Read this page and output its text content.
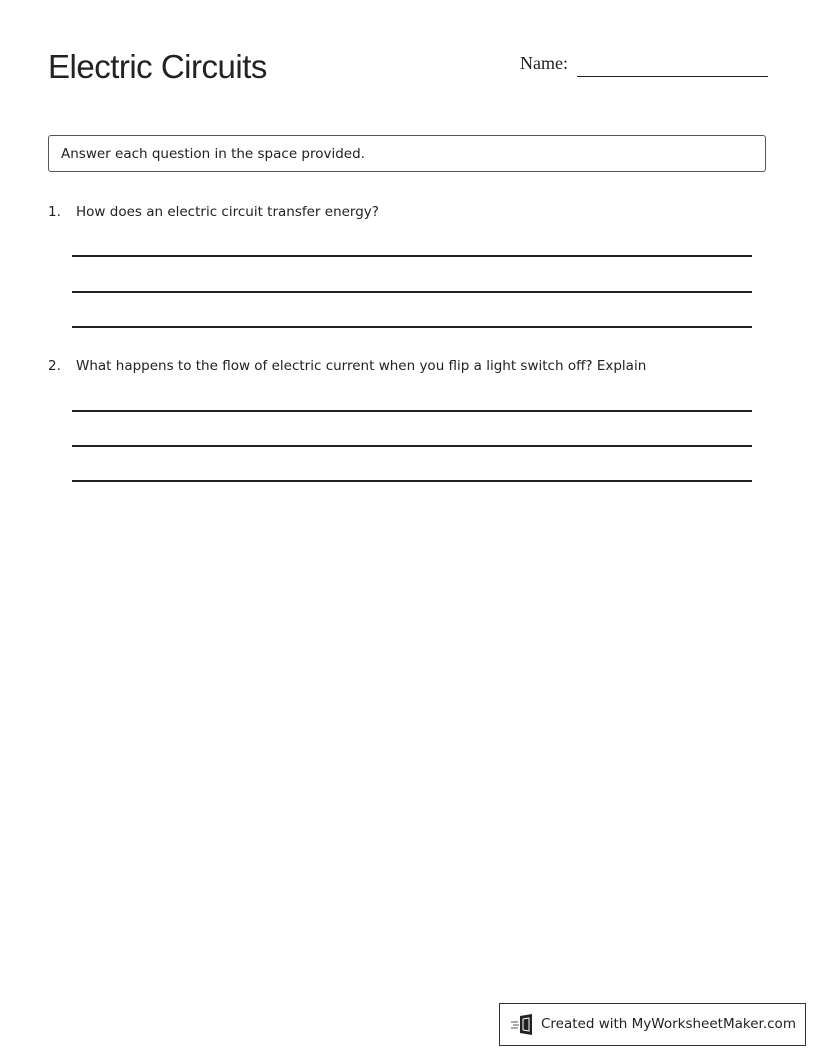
Electric Circuits	Name:
Answer each question in the space provided.
1. How does an electric circuit transfer energy?
2. What happens to the flow of electric current when you flip a light switch off? Explain
Created with MyWorksheetMaker.com
